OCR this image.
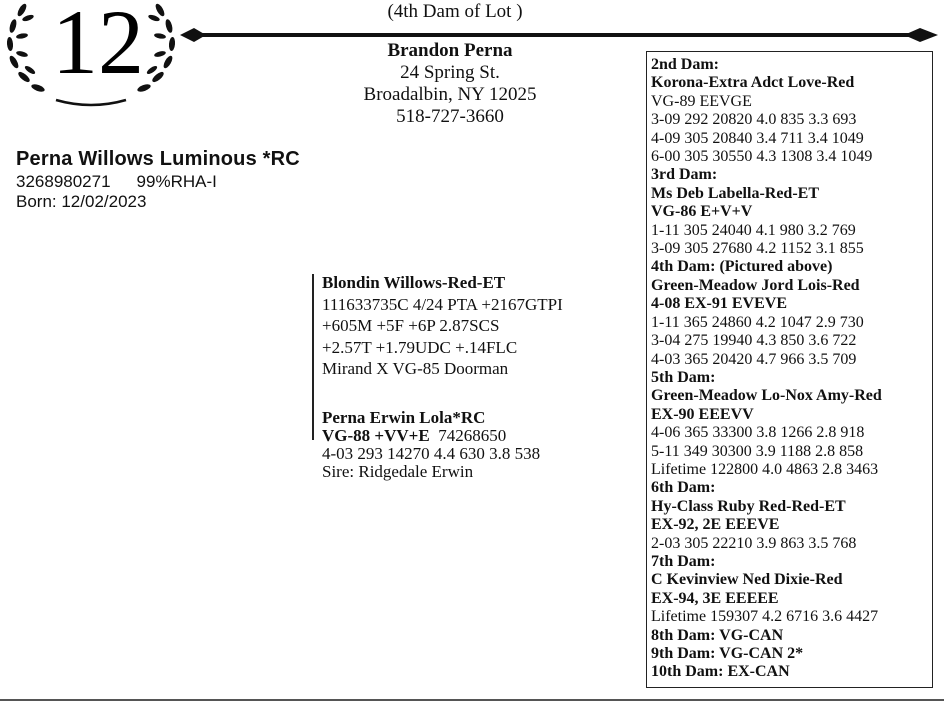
12	(4th Dam of Lot )
Brandon Perna
24 Spring St.
Broadalbin, NY 12025
518-727-3660
Perna Willows Luminous *RC
3268980271 99%RHA-I
Born: 12/02/2023
Blondin Willows-Red-ET
111633735C 4/24 PTA +2167GTPI
+605M +5F +6P 2.87SCS
+2.57T +1.79UDC +.14FLC
Mirand X VG-85 Doorman
Perna Erwin Lola*RC
VG-88 +VV+E 74268650
4-03 293 14270 4.4 630 3.8 538
Sire: Ridgedale Erwin
2nd Dam:
Korona-Extra Adct Love-Red
VG-89 EEVGE
3-09 292 20820 4.0 835 3.3 693
4-09 305 20840 3.4 711 3.4 1049
6-00 305 30550 4.3 1308 3.4 1049
3rd Dam:
Ms Deb Labella-Red-ET
VG-86 E+V+V
1-11 305 24040 4.1 980 3.2 769
3-09 305 27680 4.2 1152 3.1 855
4th Dam: (Pictured above)
Green-Meadow Jord Lois-Red
4-08 EX-91 EVEVE
1-11 365 24860 4.2 1047 2.9 730
3-04 275 19940 4.3 850 3.6 722
4-03 365 20420 4.7 966 3.5 709
5th Dam:
Green-Meadow Lo-Nox Amy-Red
EX-90 EEEVV
4-06 365 33300 3.8 1266 2.8 918
5-11 349 30300 3.9 1188 2.8 858
Lifetime 122800 4.0 4863 2.8 3463
6th Dam:
Hy-Class Ruby Red-Red-ET
EX-92, 2E EEEVE
2-03 305 22210 3.9 863 3.5 768
7th Dam:
C Kevinview Ned Dixie-Red
EX-94, 3E EEEEE
Lifetime 159307 4.2 6716 3.6 4427
8th Dam: VG-CAN
9th Dam: VG-CAN 2*
10th Dam: EX-CAN
